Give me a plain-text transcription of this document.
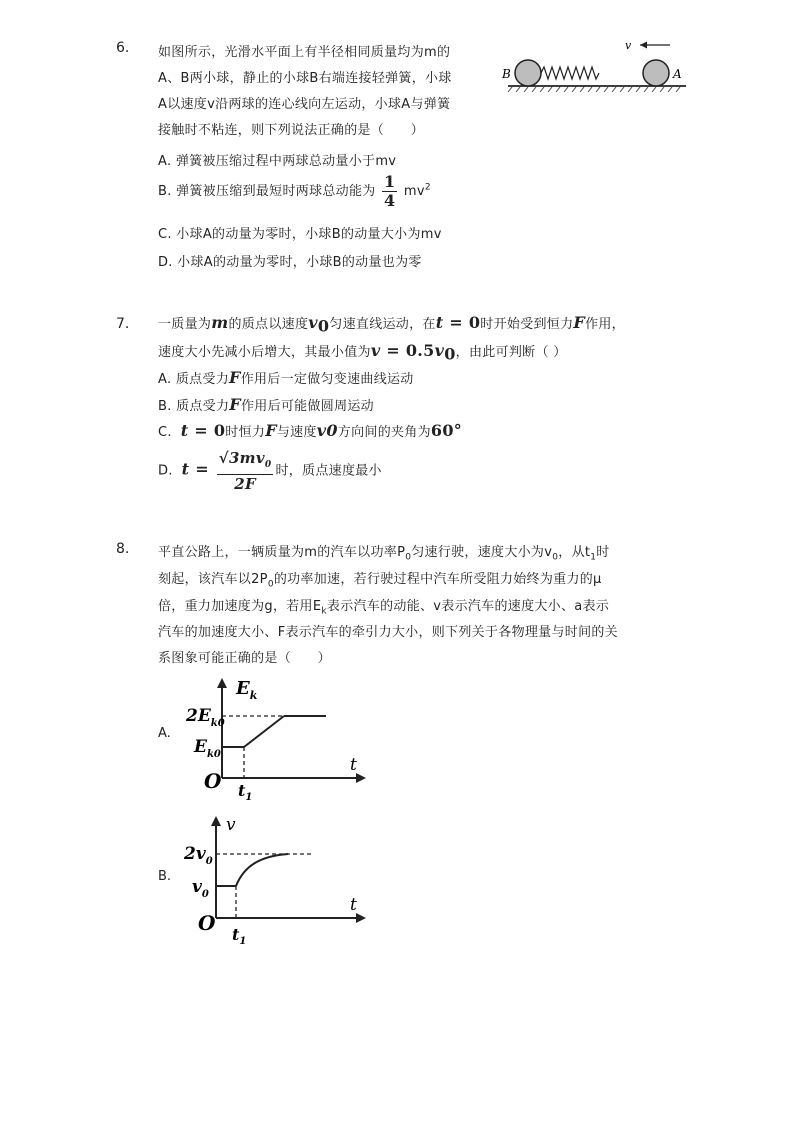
6. 如图所示，光滑水平面上有半径相同质量均为m的
A、B两小球，静止的小球B右端连接轻弹簧，小球
A以速度v沿两球的连心线向左运动，小球A与弹簧
接触时不粘连，则下列说法正确的是（　　）
A. 弹簧被压缩过程中两球总动量小于mv
B. 弹簧被压缩到最短时两球总动能为 $\frac{1}{4} mv^2$
C. 小球A的动量为零时，小球B的动量大小为mv
D. 小球A的动量为零时，小球B的动量也为零
B	A
v
7. 一质量为m的质点以速度$v_0$匀速直线运动，在t = 0时开始受到恒力F作用，
速度大小先减小后增大，其最小值为$v = 0.5v_0$，由此可判断（ ）
A. 质点受力F作用后一定做匀变速曲线运动
B. 质点受力F作用后可能做圆周运动
C. t = 0时恒力F与速度v0方向间的夹角为60°
D. $t = \frac{√3mv_0}{2F}$ 时，质点速度最小
8. 平直公路上，一辆质量为m的汽车以功率$P_0$匀速行驶，速度大小为$v_0$，从$t_1$时
刻起，该汽车以$2P_0$的功率加速，若行驶过程中汽车所受阻力始终为重力的μ
倍，重力加速度为g，若用$E_k$表示汽车的动能、v表示汽车的速度大小、a表示
汽车的加速度大小、F表示汽车的牵引力大小，则下列关于各物理量与时间的关
系图象可能正确的是（　　）
A.
$E_k$
$2E_{k0}$
$E_{k0}$
O
t
$t_1$
B.
v
$2v_0$
$v_0$
O
t
$t_1$
